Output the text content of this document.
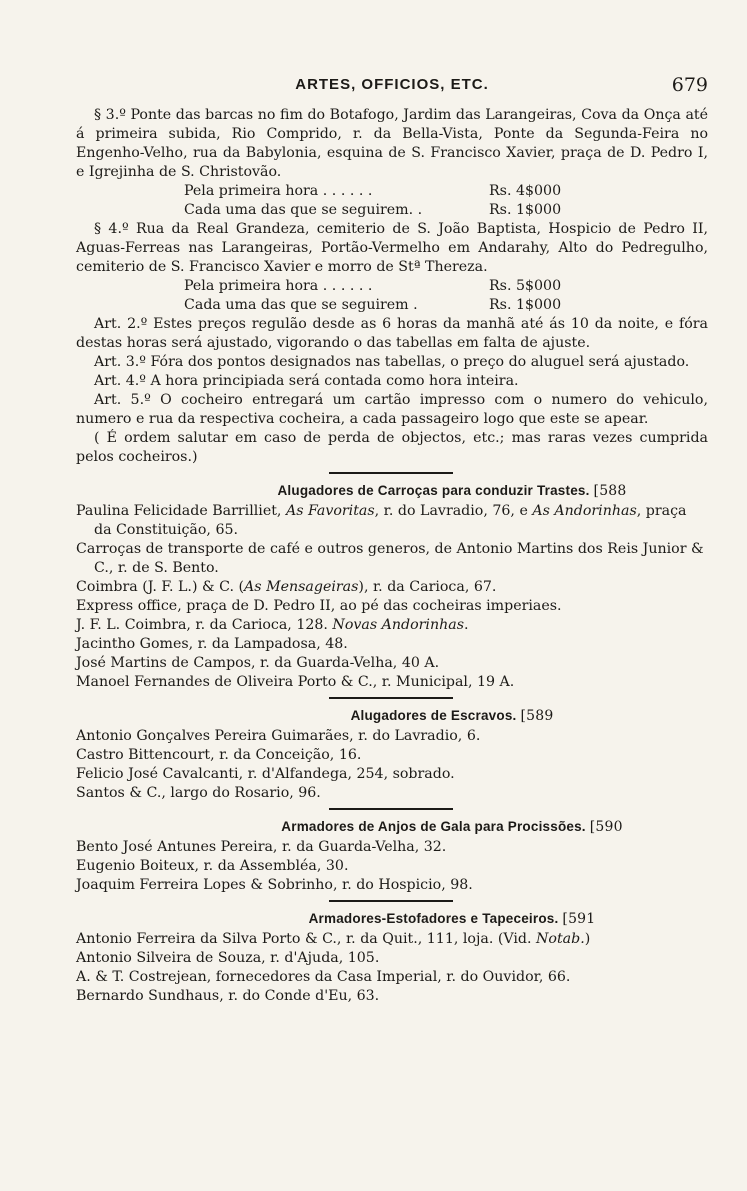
ARTES, OFFICIOS, ETC.	679

§ 3.º Ponte das barcas no fim do Botafogo, Jardim das Larangeiras, Cova da Onça até á primeira subida, Rio Comprido, r. da Bella-Vista, Ponte da Segunda-Feira no Engenho-Velho, rua da Babylonia, esquina de S. Francisco Xavier, praça de D. Pedro I, e Igrejinha de S. Christovão.

Pela primeira hora . . . . . .	Rs. 4$000
Cada uma das que se seguirem. .	Rs. 1$000

§ 4.º Rua da Real Grandeza, cemiterio de S. João Baptista, Hospicio de Pedro II, Aguas-Ferreas nas Larangeiras, Portão-Vermelho em Andarahy, Alto do Pedregulho, cemiterio de S. Francisco Xavier e morro de Stª Thereza.

Pela primeira hora . . . . . .	Rs. 5$000
Cada uma das que se seguirem .	Rs. 1$000

Art. 2.º Estes preços regulão desde as 6 horas da manhã até ás 10 da noite, e fóra destas horas será ajustado, vigorando o das tabellas em falta de ajuste.

Art. 3.º Fóra dos pontos designados nas tabellas, o preço do aluguel será ajustado.

Art. 4.º A hora principiada será contada como hora inteira.

Art. 5.º O cocheiro entregará um cartão impresso com o numero do vehiculo, numero e rua da respectiva cocheira, a cada passageiro logo que este se apear.

( É ordem salutar em caso de perda de objectos, etc.; mas raras vezes cumprida pelos cocheiros.)

Alugadores de Carroças para conduzir Trastes. [588
Paulina Felicidade Barrilliet, As Favoritas, r. do Lavradio, 76, e As Andorinhas, praça da Constituição, 65.
Carroças de transporte de café e outros generos, de Antonio Martins dos Reis Junior & C., r. de S. Bento.
Coimbra (J. F. L.) & C. (As Mensageiras), r. da Carioca, 67.
Express office, praça de D. Pedro II, ao pé das cocheiras imperiaes.
J. F. L. Coimbra, r. da Carioca, 128. Novas Andorinhas.
Jacintho Gomes, r. da Lampadosa, 48.
José Martins de Campos, r. da Guarda-Velha, 40 A.
Manoel Fernandes de Oliveira Porto & C., r. Municipal, 19 A.
Alugadores de Escravos. [589
Antonio Gonçalves Pereira Guimarães, r. do Lavradio, 6.
Castro Bittencourt, r. da Conceição, 16.
Felicio José Cavalcanti, r. d'Alfandega, 254, sobrado.
Santos & C., largo do Rosario, 96.
Armadores de Anjos de Gala para Procissões. [590
Bento José Antunes Pereira, r. da Guarda-Velha, 32.
Eugenio Boiteux, r. da Assembléa, 30.
Joaquim Ferreira Lopes & Sobrinho, r. do Hospicio, 98.
Armadores-Estofadores e Tapeceiros. [591
Antonio Ferreira da Silva Porto & C., r. da Quit., 111, loja. (Vid. Notab.)
Antonio Silveira de Souza, r. d'Ajuda, 105.
A. & T. Costrejean, fornecedores da Casa Imperial, r. do Ouvidor, 66.
Bernardo Sundhaus, r. do Conde d'Eu, 63.
